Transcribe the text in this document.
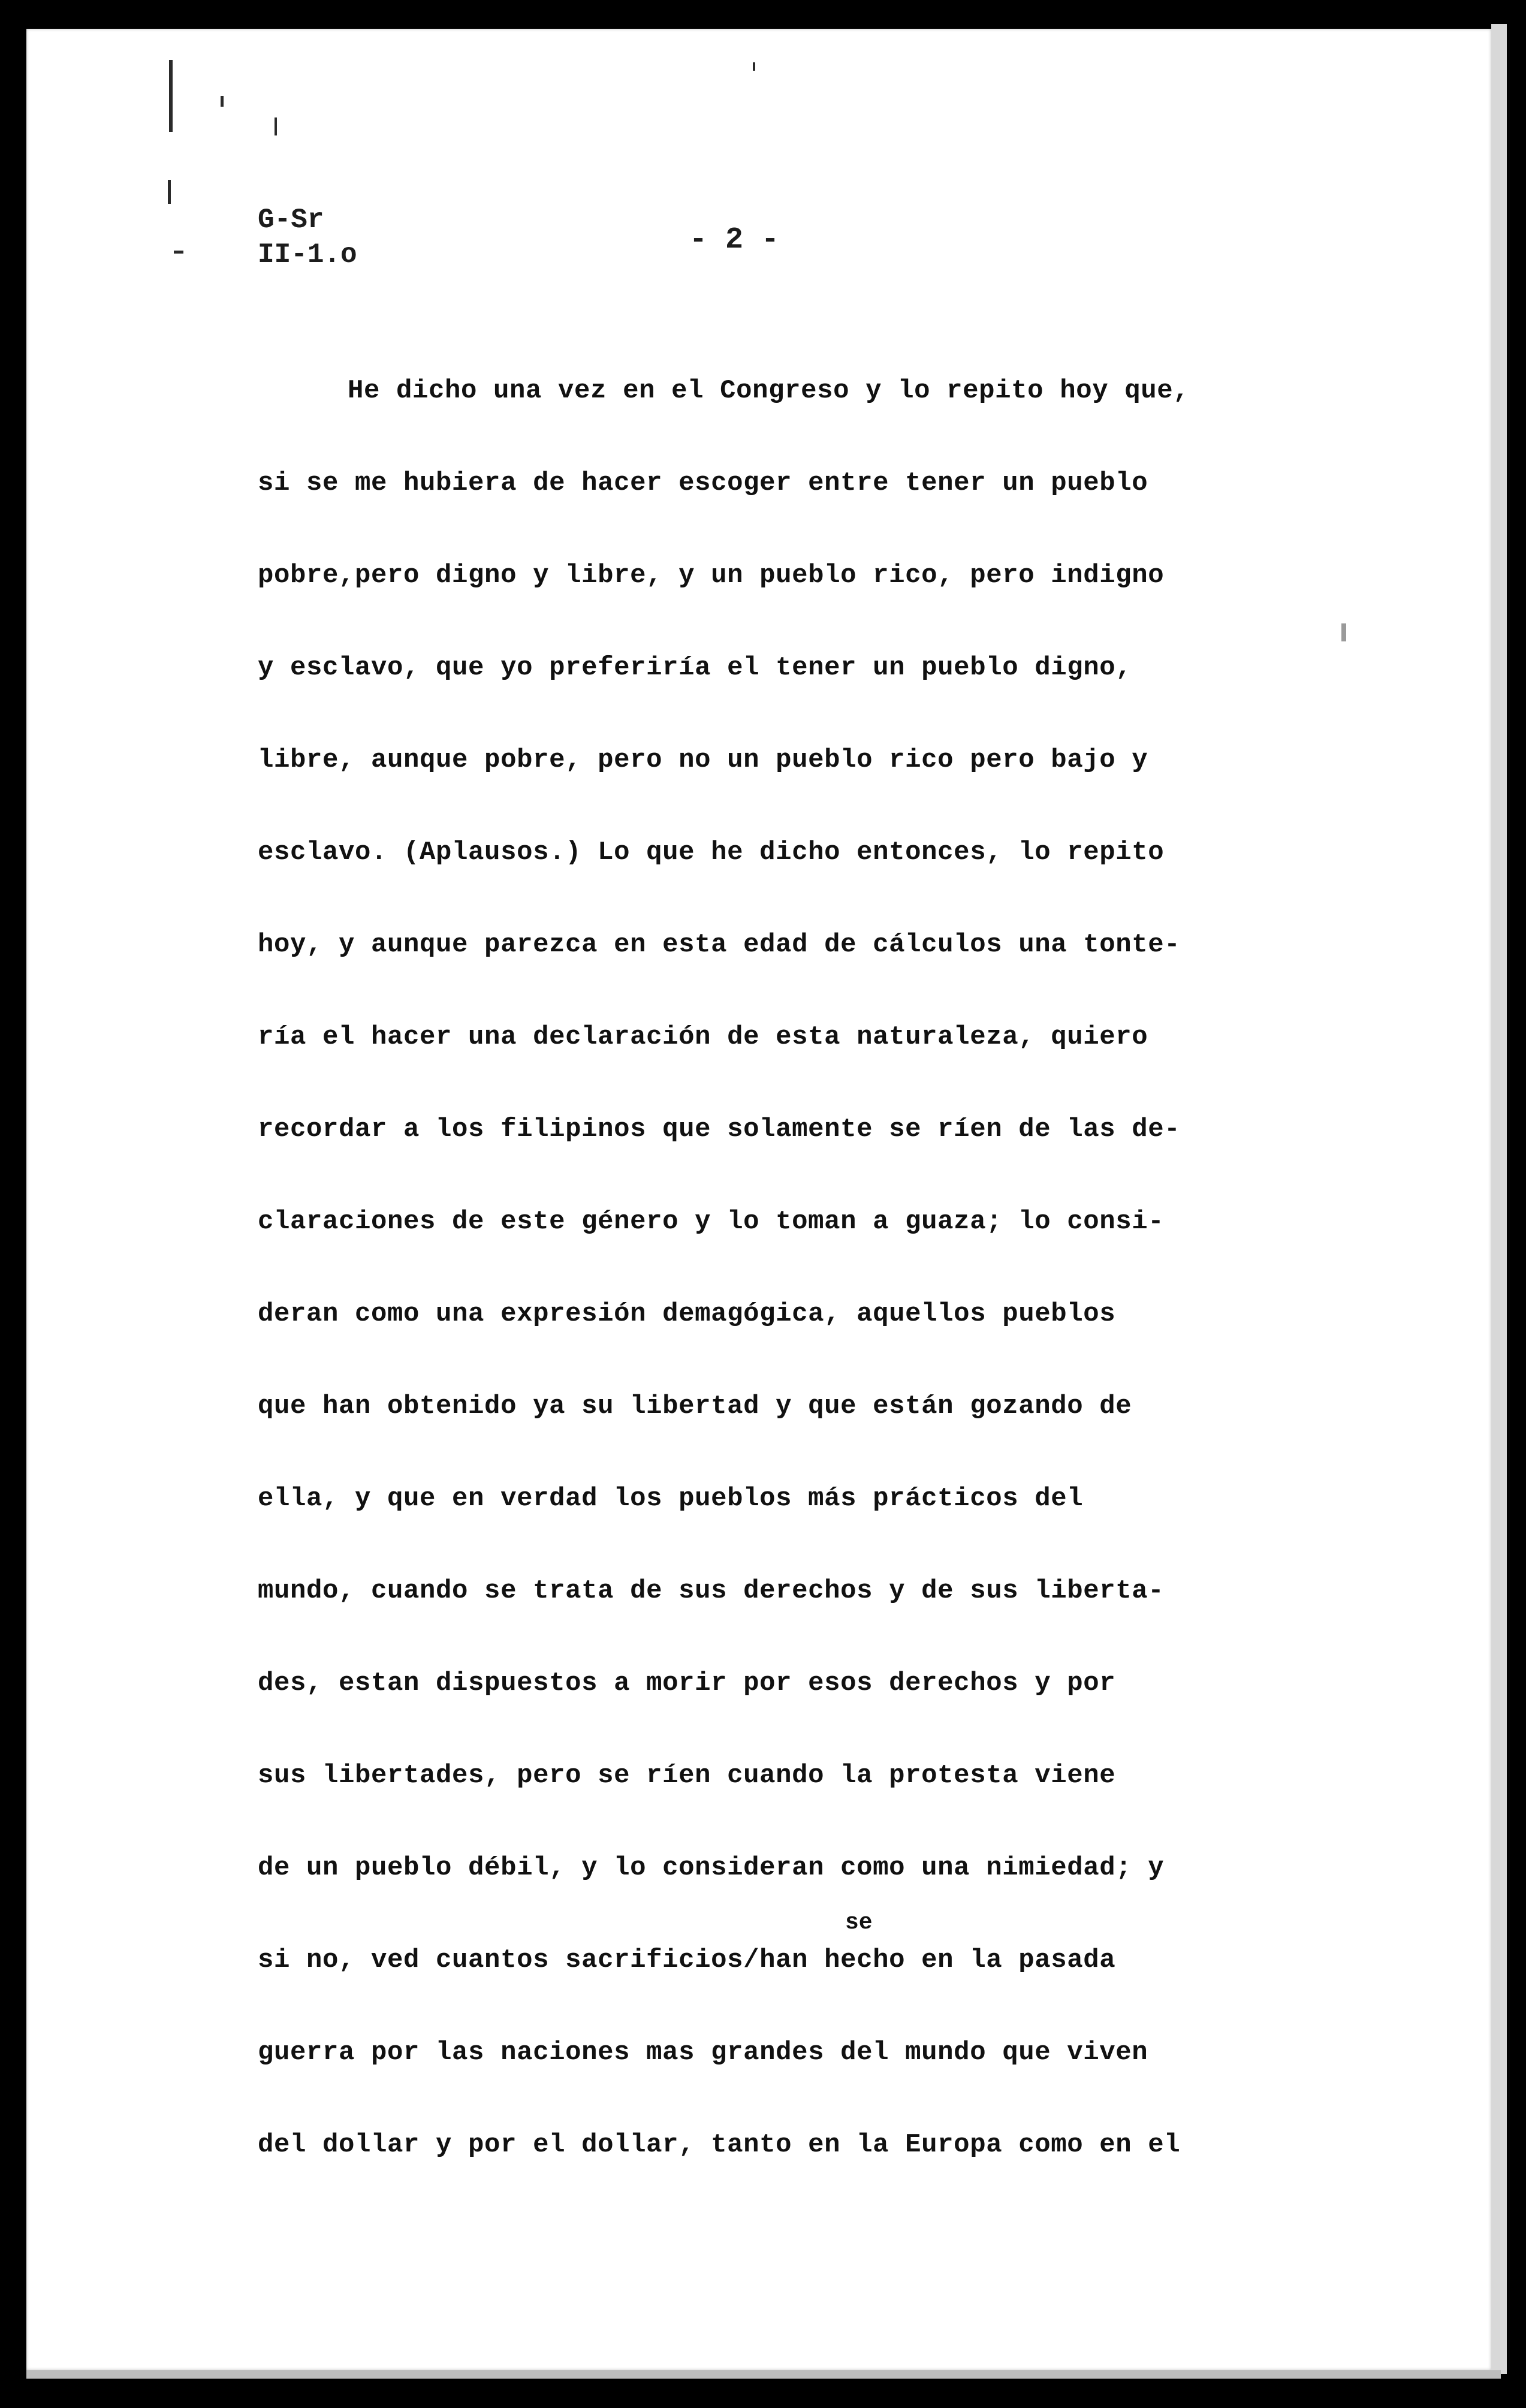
G-Sr
II-1.o	- 2 -
se
He dicho una vez en el Congreso y lo repito hoy que,
si se me hubiera de hacer escoger entre tener un pueblo
pobre,pero digno y libre, y un pueblo rico, pero indigno
y esclavo, que yo preferiría el tener un pueblo digno,
libre, aunque pobre, pero no un pueblo rico pero bajo y
esclavo. (Aplausos.) Lo que he dicho entonces, lo repito
hoy, y aunque parezca en esta edad de cálculos una tonte-
ría el hacer una declaración de esta naturaleza, quiero
recordar a los filipinos que solamente se ríen de las de-
claraciones de este género y lo toman a guaza; lo consi-
deran como una expresión demagógica, aquellos pueblos
que han obtenido ya su libertad y que están gozando de
ella, y que en verdad los pueblos más prácticos del
mundo, cuando se trata de sus derechos y de sus liberta-
des, estan dispuestos a morir por esos derechos y por
sus libertades, pero se ríen cuando la protesta viene
de un pueblo débil, y lo consideran como una nimiedad; y
si no, ved cuantos sacrificios/han hecho en la pasada
guerra por las naciones mas grandes del mundo que viven
del dollar y por el dollar, tanto en la Europa como en el
